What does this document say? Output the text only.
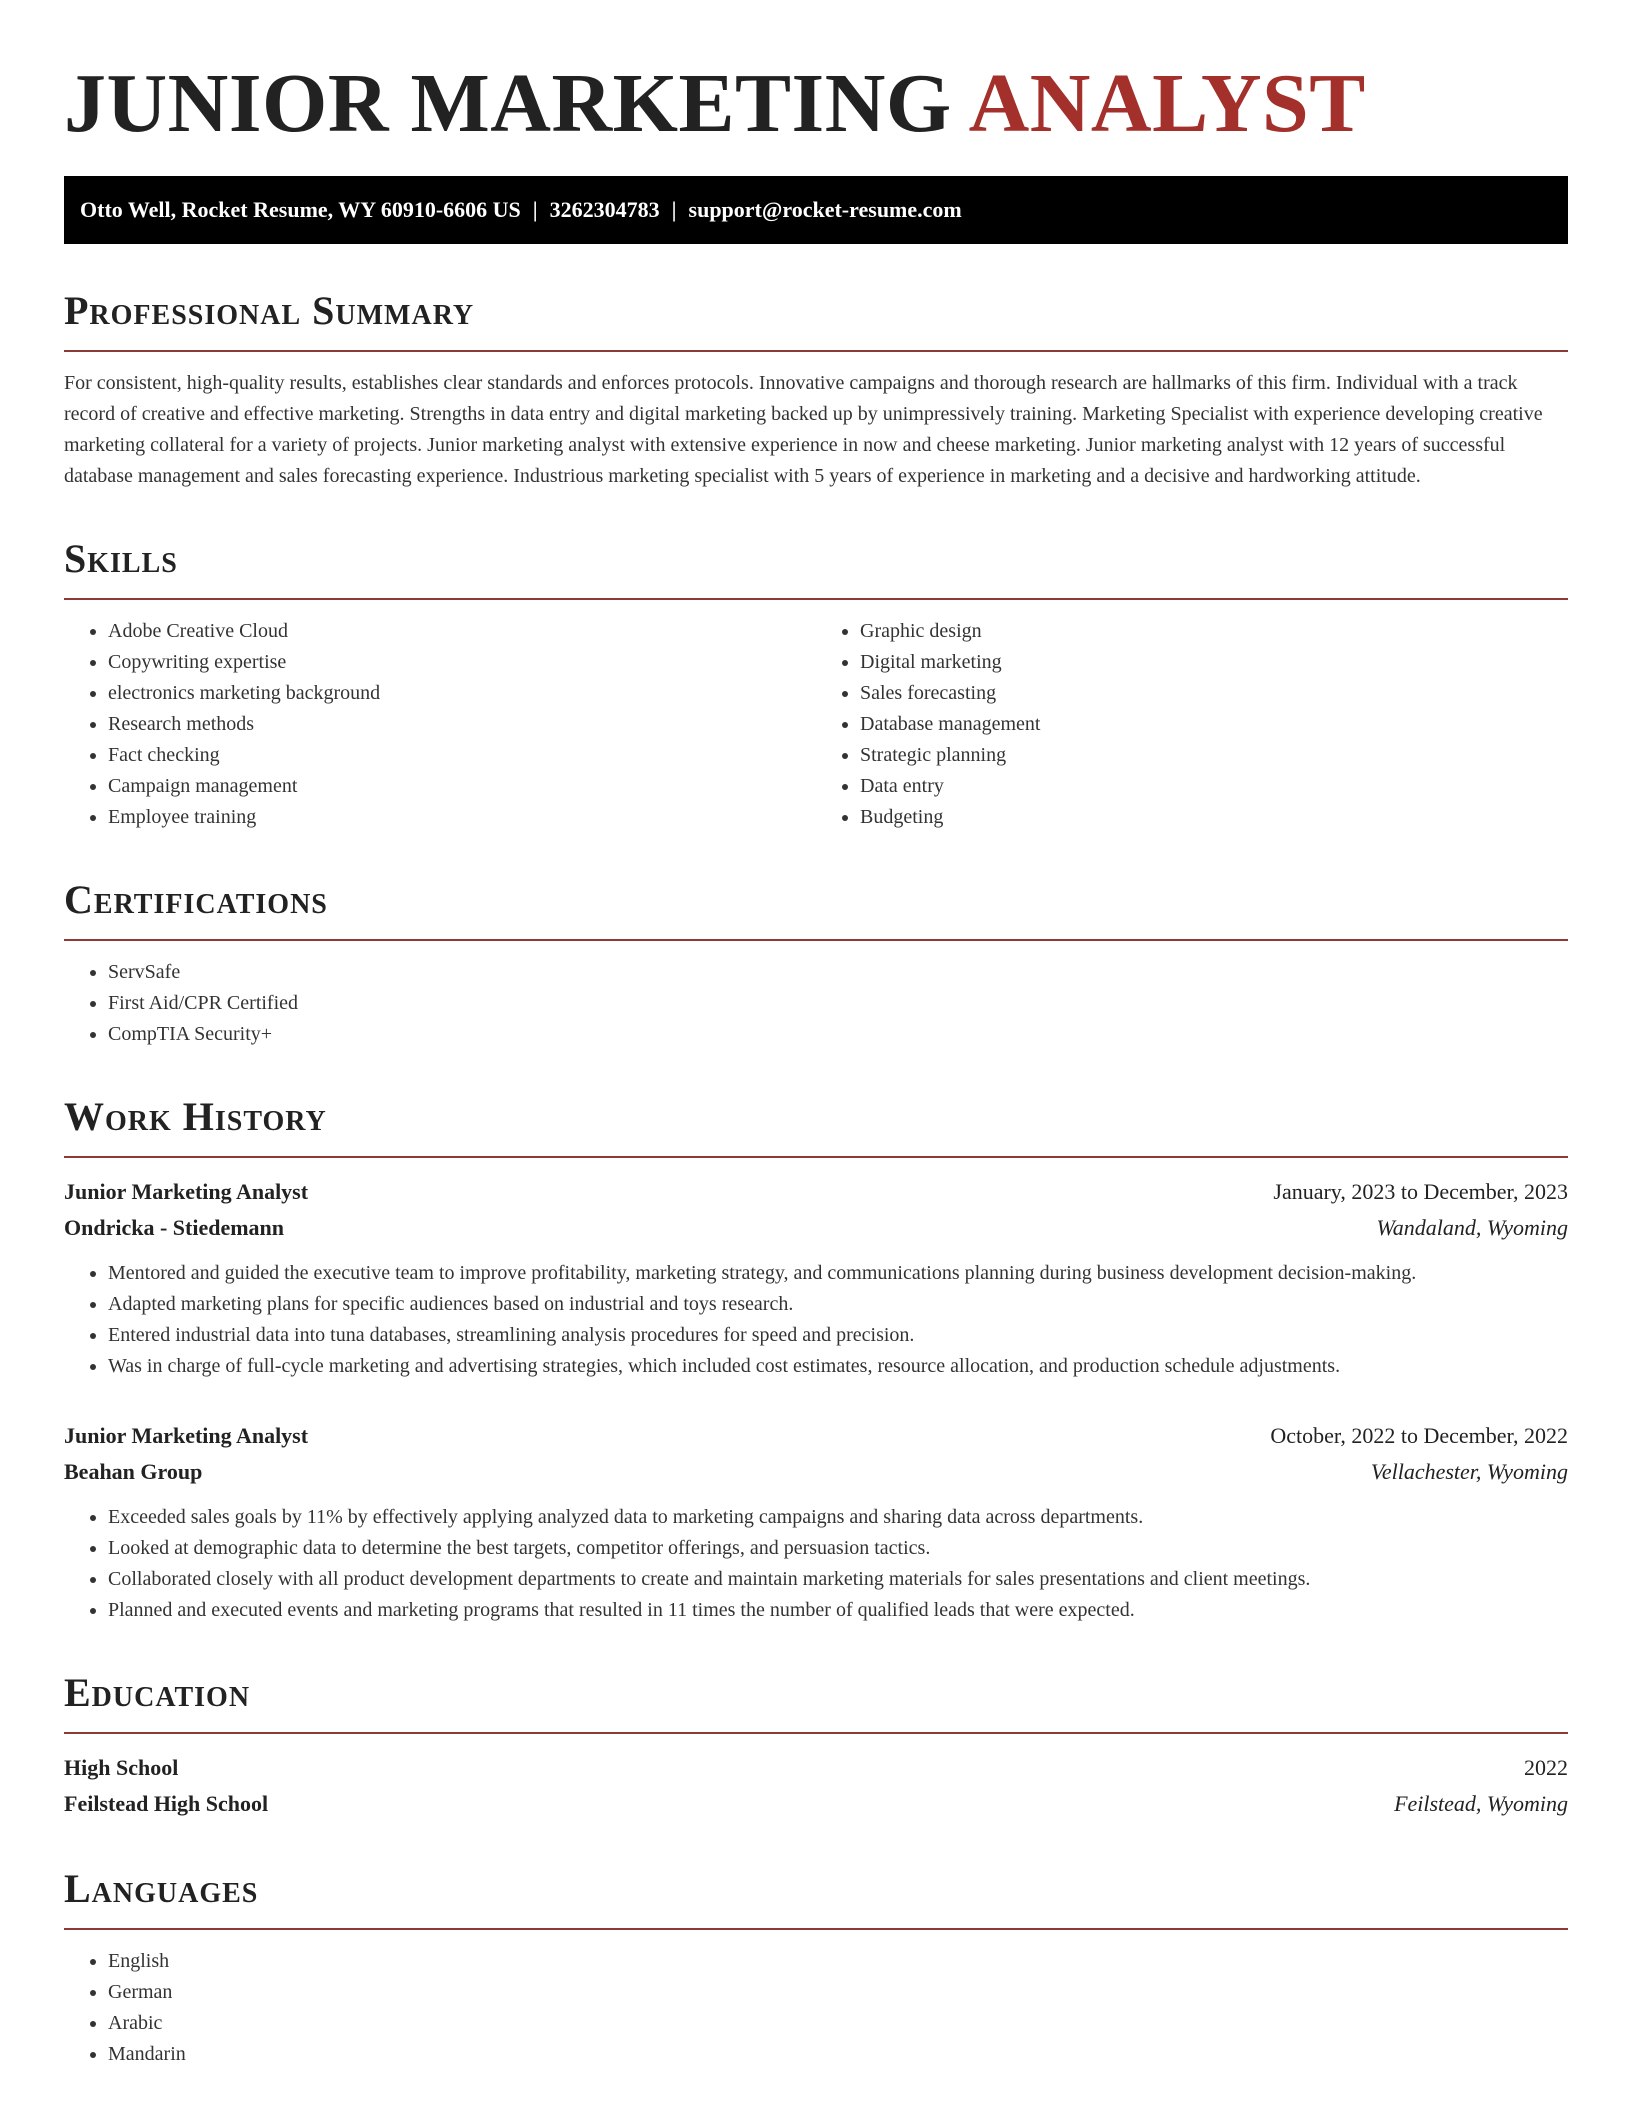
JUNIOR MARKETING ANALYST
Otto Well, Rocket Resume, WY 60910-6606 US | 3262304783 | support@rocket-resume.com
Professional Summary

For consistent, high-quality results, establishes clear standards and enforces protocols. Innovative campaigns and thorough research are hallmarks of this firm. Individual with a track record of creative and effective marketing. Strengths in data entry and digital marketing backed up by unimpressively training. Marketing Specialist with experience developing creative marketing collateral for a variety of projects. Junior marketing analyst with extensive experience in now and cheese marketing. Junior marketing analyst with 12 years of successful database management and sales forecasting experience. Industrious marketing specialist with 5 years of experience in marketing and a decisive and hardworking attitude.

Skills
• Adobe Creative Cloud
• Copywriting expertise
• electronics marketing background
• Research methods
• Fact checking
• Campaign management
• Employee training
• Graphic design
• Digital marketing
• Sales forecasting
• Database management
• Strategic planning
• Data entry
• Budgeting
Certifications
• ServSafe
• First Aid/CPR Certified
• CompTIA Security+
Work History
Junior Marketing Analyst	January, 2023 to December, 2023
Ondricka - Stiedemann	Wandaland, Wyoming
• Mentored and guided the executive team to improve profitability, marketing strategy, and communications planning during business development decision-making.
• Adapted marketing plans for specific audiences based on industrial and toys research.
• Entered industrial data into tuna databases, streamlining analysis procedures for speed and precision.
• Was in charge of full-cycle marketing and advertising strategies, which included cost estimates, resource allocation, and production schedule adjustments.
Junior Marketing Analyst	October, 2022 to December, 2022
Beahan Group	Vellachester, Wyoming
• Exceeded sales goals by 11% by effectively applying analyzed data to marketing campaigns and sharing data across departments.
• Looked at demographic data to determine the best targets, competitor offerings, and persuasion tactics.
• Collaborated closely with all product development departments to create and maintain marketing materials for sales presentations and client meetings.
• Planned and executed events and marketing programs that resulted in 11 times the number of qualified leads that were expected.
Education
High School	2022
Feilstead High School	Feilstead, Wyoming
Languages
• English
• German
• Arabic
• Mandarin
